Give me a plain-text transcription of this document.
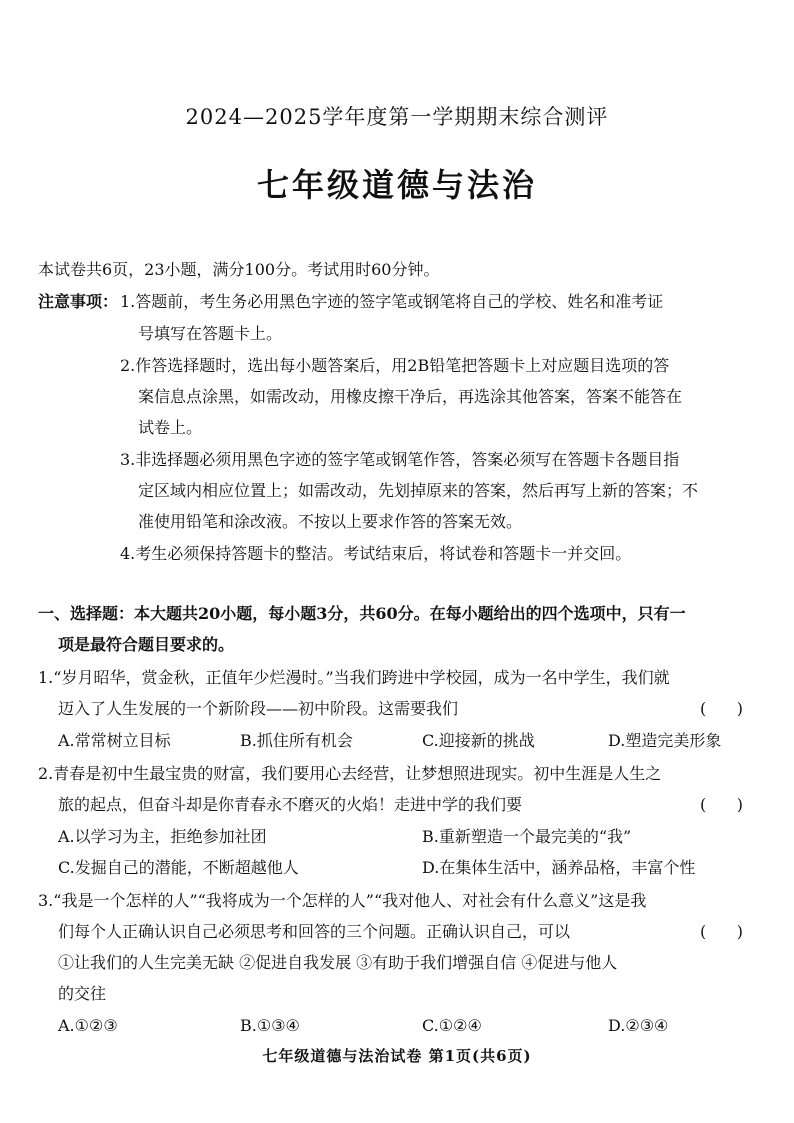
2024—2025学年度第一学期期末综合测评
七年级道德与法治
本试卷共6页，23小题，满分100分。考试用时60分钟。
注意事项： 1.答题前，考生务必用黑色字迹的签字笔或钢笔将自己的学校、姓名和准考证
号填写在答题卡上。
2.作答选择题时，选出每小题答案后，用2B铅笔把答题卡上对应题目选项的答
案信息点涂黑，如需改动，用橡皮擦干净后，再选涂其他答案，答案不能答在
试卷上。
3.非选择题必须用黑色字迹的签字笔或钢笔作答，答案必须写在答题卡各题目指
定区域内相应位置上；如需改动，先划掉原来的答案，然后再写上新的答案；不
准使用铅笔和涂改液。不按以上要求作答的答案无效。
4.考生必须保持答题卡的整洁。考试结束后，将试卷和答题卡一并交回。
一、选择题：本大题共20小题，每小题3分，共60分。在每小题给出的四个选项中，只有一
项是最符合题目要求的。
1.“岁月昭华，赏金秋，正值年少烂漫时。”当我们跨进中学校园，成为一名中学生，我们就
迈入了人生发展的一个新阶段——初中阶段。这需要我们	(      )
A.常常树立目标	B.抓住所有机会	C.迎接新的挑战	D.塑造完美形象
2.青春是初中生最宝贵的财富，我们要用心去经营，让梦想照进现实。初中生涯是人生之
旅的起点，但奋斗却是你青春永不磨灭的火焰！走进中学的我们要	(      )
A.以学习为主，拒绝参加社团	B.重新塑造一个最完美的“我”
C.发掘自己的潜能，不断超越他人	D.在集体生活中，涵养品格，丰富个性
3.“我是一个怎样的人”“我将成为一个怎样的人”“我对他人、对社会有什么意义”这是我
们每个人正确认识自己必须思考和回答的三个问题。正确认识自己，可以	(      )
①让我们的人生完美无缺 ②促进自我发展 ③有助于我们增强自信 ④促进与他人
的交往
A.①②③	B.①③④	C.①②④	D.②③④
七年级道德与法治试卷 第1页(共6页)
